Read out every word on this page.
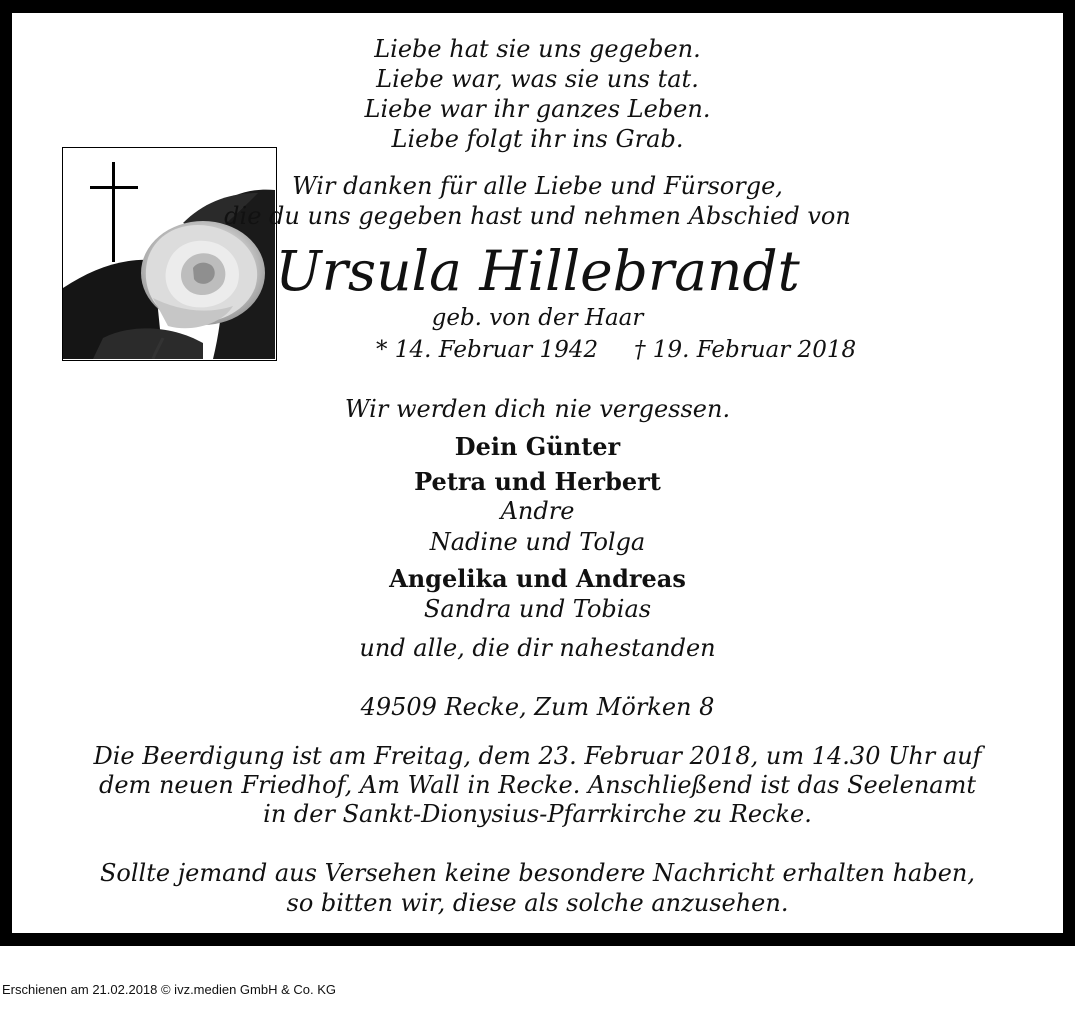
Liebe hat sie uns gegeben.
Liebe war, was sie uns tat.
Liebe war ihr ganzes Leben.
Liebe folgt ihr ins Grab.
Wir danken für alle Liebe und Fürsorge,
die du uns gegeben hast und nehmen Abschied von
Ursula Hillebrandt
geb. von der Haar
* 14. Februar 1942 † 19. Februar 2018
Wir werden dich nie vergessen.
Dein Günter
Petra und Herbert
Andre
Nadine und Tolga
Angelika und Andreas
Sandra und Tobias
und alle, die dir nahestanden
49509 Recke, Zum Mörken 8
Die Beerdigung ist am Freitag, dem 23. Februar 2018, um 14.30 Uhr auf
dem neuen Friedhof, Am Wall in Recke. Anschließend ist das Seelenamt
in der Sankt-Dionysius-Pfarrkirche zu Recke.
Sollte jemand aus Versehen keine besondere Nachricht erhalten haben,
so bitten wir, diese als solche anzusehen.
Erschienen am 21.02.2018 © ivz.medien GmbH & Co. KG
